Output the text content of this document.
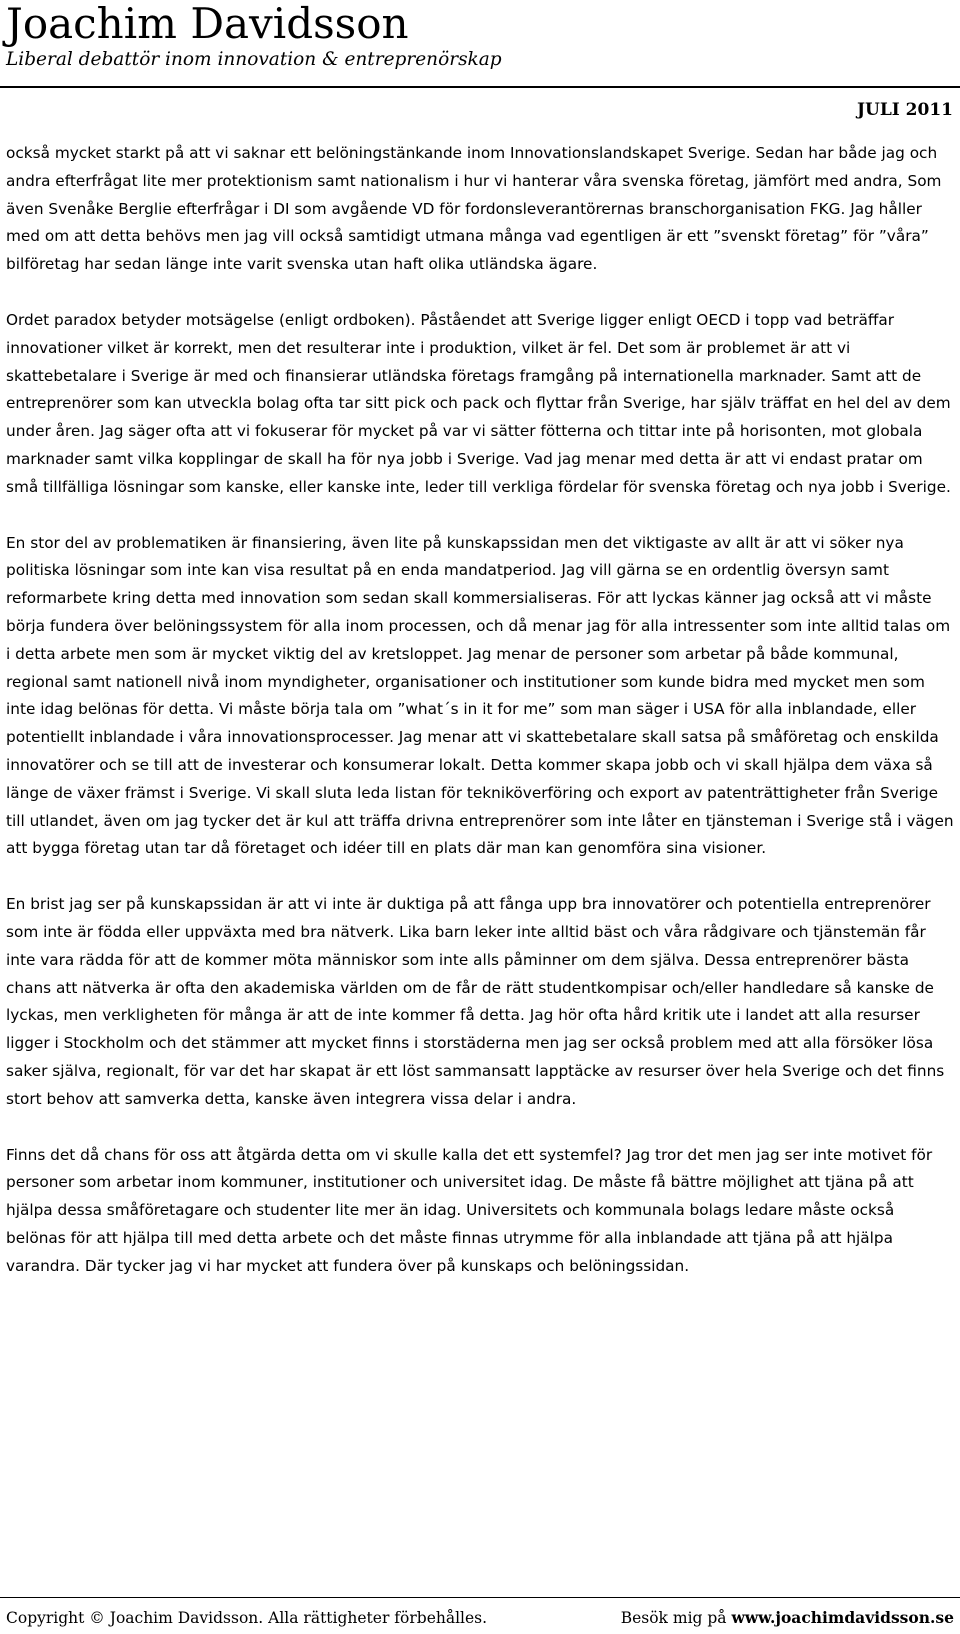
Joachim Davidsson

Liberal debattör inom innovation & entreprenörskap

JULI 2011

också mycket starkt på att vi saknar ett belöningstänkande inom Innovationslandskapet Sverige. Sedan har både jag och andra efterfrågat lite mer protektionism samt nationalism i hur vi hanterar våra svenska företag, jämfört med andra, Som även Svenåke Berglie efterfrågar i DI som avgående VD för fordonsleverantörernas branschorganisation FKG. Jag håller med om att detta behövs men jag vill också samtidigt utmana många vad egentligen är ett ”svenskt företag” för ”våra” bilföretag har sedan länge inte varit svenska utan haft olika utländska ägare.

Ordet paradox betyder motsägelse (enligt ordboken). Påståendet att Sverige ligger enligt OECD i topp vad beträffar innovationer vilket är korrekt, men det resulterar inte i produktion, vilket är fel. Det som är problemet är att vi skattebetalare i Sverige är med och finansierar utländska företags framgång på internationella marknader. Samt att de entreprenörer som kan utveckla bolag ofta tar sitt pick och pack och flyttar från Sverige, har själv träffat en hel del av dem under åren. Jag säger ofta att vi fokuserar för mycket på var vi sätter fötterna och tittar inte på horisonten, mot globala marknader samt vilka kopplingar de skall ha för nya jobb i Sverige. Vad jag menar med detta är att vi endast pratar om små tillfälliga lösningar som kanske, eller kanske inte, leder till verkliga fördelar för svenska företag och nya jobb i Sverige.

En stor del av problematiken är finansiering, även lite på kunskapssidan men det viktigaste av allt är att vi söker nya politiska lösningar som inte kan visa resultat på en enda mandatperiod. Jag vill gärna se en ordentlig översyn samt reformarbete kring detta med innovation som sedan skall kommersialiseras. För att lyckas känner jag också att vi måste börja fundera över belöningssystem för alla inom processen, och då menar jag för alla intressenter som inte alltid talas om i detta arbete men som är mycket viktig del av kretsloppet. Jag menar de personer som arbetar på både kommunal, regional samt nationell nivå inom myndigheter, organisationer och institutioner som kunde bidra med mycket men som inte idag belönas för detta. Vi måste börja tala om ”what´s in it for me” som man säger i USA för alla inblandade, eller potentiellt inblandade i våra innovationsprocesser. Jag menar att vi skattebetalare skall satsa på småföretag och enskilda innovatörer och se till att de investerar och konsumerar lokalt. Detta kommer skapa jobb och vi skall hjälpa dem växa så länge de växer främst i Sverige. Vi skall sluta leda listan för tekniköverföring och export av patenträttigheter från Sverige till utlandet, även om jag tycker det är kul att träffa drivna entreprenörer som inte låter en tjänsteman i Sverige stå i vägen att bygga företag utan tar då företaget och idéer till en plats där man kan genomföra sina visioner.

En brist jag ser på kunskapssidan är att vi inte är duktiga på att fånga upp bra innovatörer och potentiella entreprenörer som inte är födda eller uppväxta med bra nätverk. Lika barn leker inte alltid bäst och våra rådgivare och tjänstemän får inte vara rädda för att de kommer möta människor som inte alls påminner om dem själva. Dessa entreprenörer bästa chans att nätverka är ofta den akademiska världen om de får de rätt studentkompisar och/eller handledare så kanske de lyckas, men verkligheten för många är att de inte kommer få detta. Jag hör ofta hård kritik ute i landet att alla resurser ligger i Stockholm och det stämmer att mycket finns i storstäderna men jag ser också problem med att alla försöker lösa saker själva, regionalt, för var det har skapat är ett löst sammansatt lapptäcke av resurser över hela Sverige och det finns stort behov att samverka detta, kanske även integrera vissa delar i andra.

Finns det då chans för oss att åtgärda detta om vi skulle kalla det ett systemfel? Jag tror det men jag ser inte motivet för personer som arbetar inom kommuner, institutioner och universitet idag. De måste få bättre möjlighet att tjäna på att hjälpa dessa småföretagare och studenter lite mer än idag. Universitets och kommunala bolags ledare måste också belönas för att hjälpa till med detta arbete och det måste finnas utrymme för alla inblandade att tjäna på att hjälpa varandra. Där tycker jag vi har mycket att fundera över på kunskaps och belöningssidan.

Copyright © Joachim Davidsson. Alla rättigheter förbehålles.	Besök mig på www.joachimdavidsson.se
